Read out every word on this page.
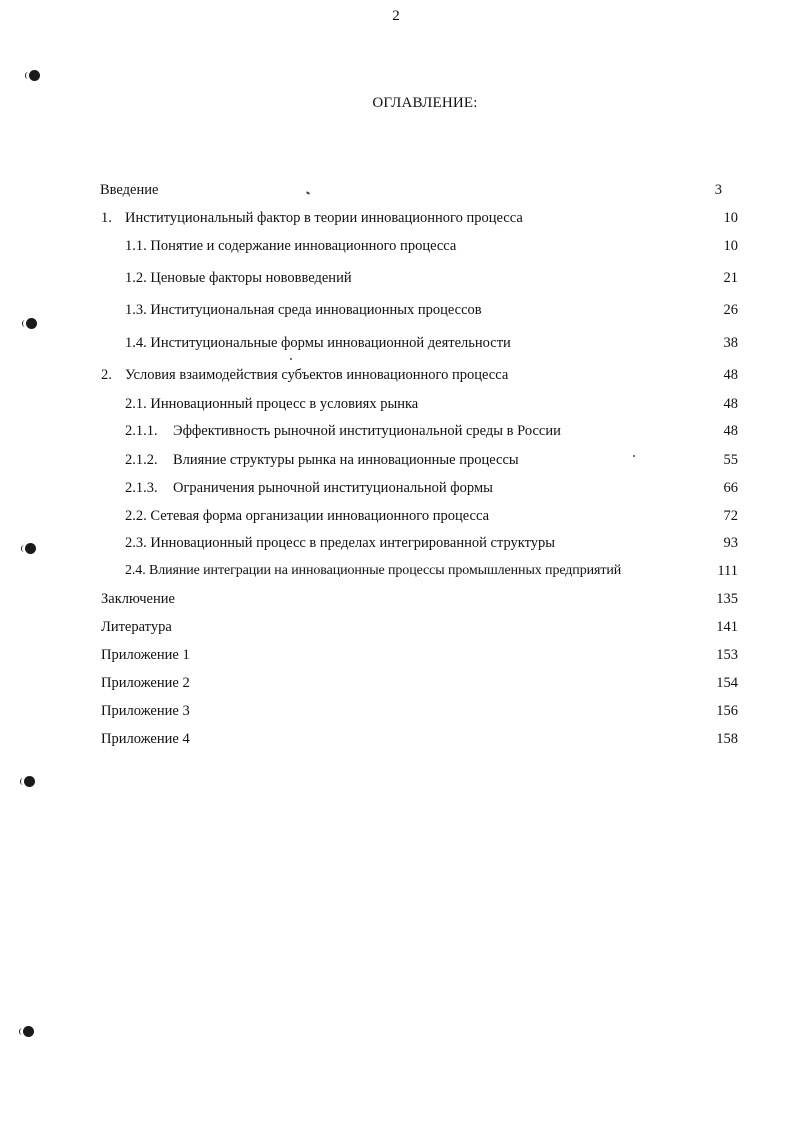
2
ОГЛАВЛЕНИЕ:
Введение	3
1. Институциональный фактор в теории инновационного процесса	10
1.1. Понятие и содержание инновационного процесса	10
1.2. Ценовые факторы нововведений	21
1.3. Институциональная среда инновационных процессов	26
1.4. Институциональные формы инновационной деятельности	38
2. Условия взаимодействия субъектов инновационного процесса	48
2.1. Инновационный процесс в условиях рынка	48
2.1.1. Эффективность рыночной институциональной среды в России	48
2.1.2. Влияние структуры рынка на инновационные процессы	55
2.1.3. Ограничения рыночной институциональной формы	66
2.2. Сетевая форма организации инновационного процесса	72
2.3. Инновационный процесс в пределах интегрированной структуры	93
2.4. Влияние интеграции на инновационные процессы промышленных предприятий	111
Заключение	135
Литература	141
Приложение 1	153
Приложение 2	154
Приложение 3	156
Приложение 4	158
